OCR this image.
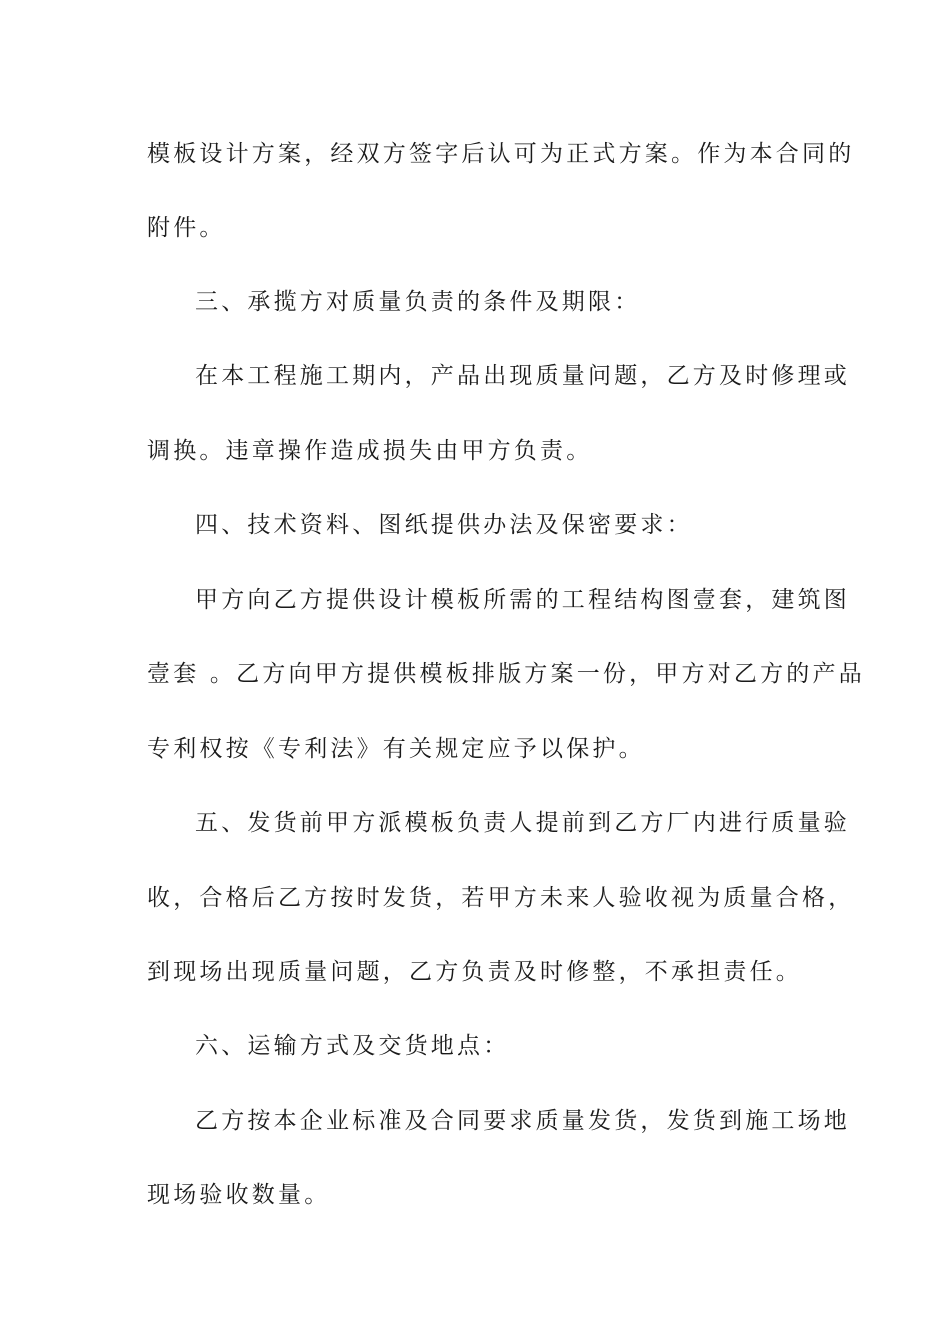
模板设计方案，经双方签字后认可为正式方案。作为本合同的
附件。
三、承揽方对质量负责的条件及期限：
在本工程施工期内，产品出现质量问题，乙方及时修理或
调换。违章操作造成损失由甲方负责。
四、技术资料、图纸提供办法及保密要求：
甲方向乙方提供设计模板所需的工程结构图壹套，建筑图
壹套 。乙方向甲方提供模板排版方案一份，甲方对乙方的产品
专利权按《专利法》有关规定应予以保护。
五、发货前甲方派模板负责人提前到乙方厂内进行质量验
收，合格后乙方按时发货，若甲方未来人验收视为质量合格，
到现场出现质量问题，乙方负责及时修整，不承担责任。
六、运输方式及交货地点：
乙方按本企业标准及合同要求质量发货，发货到施工场地
现场验收数量。
